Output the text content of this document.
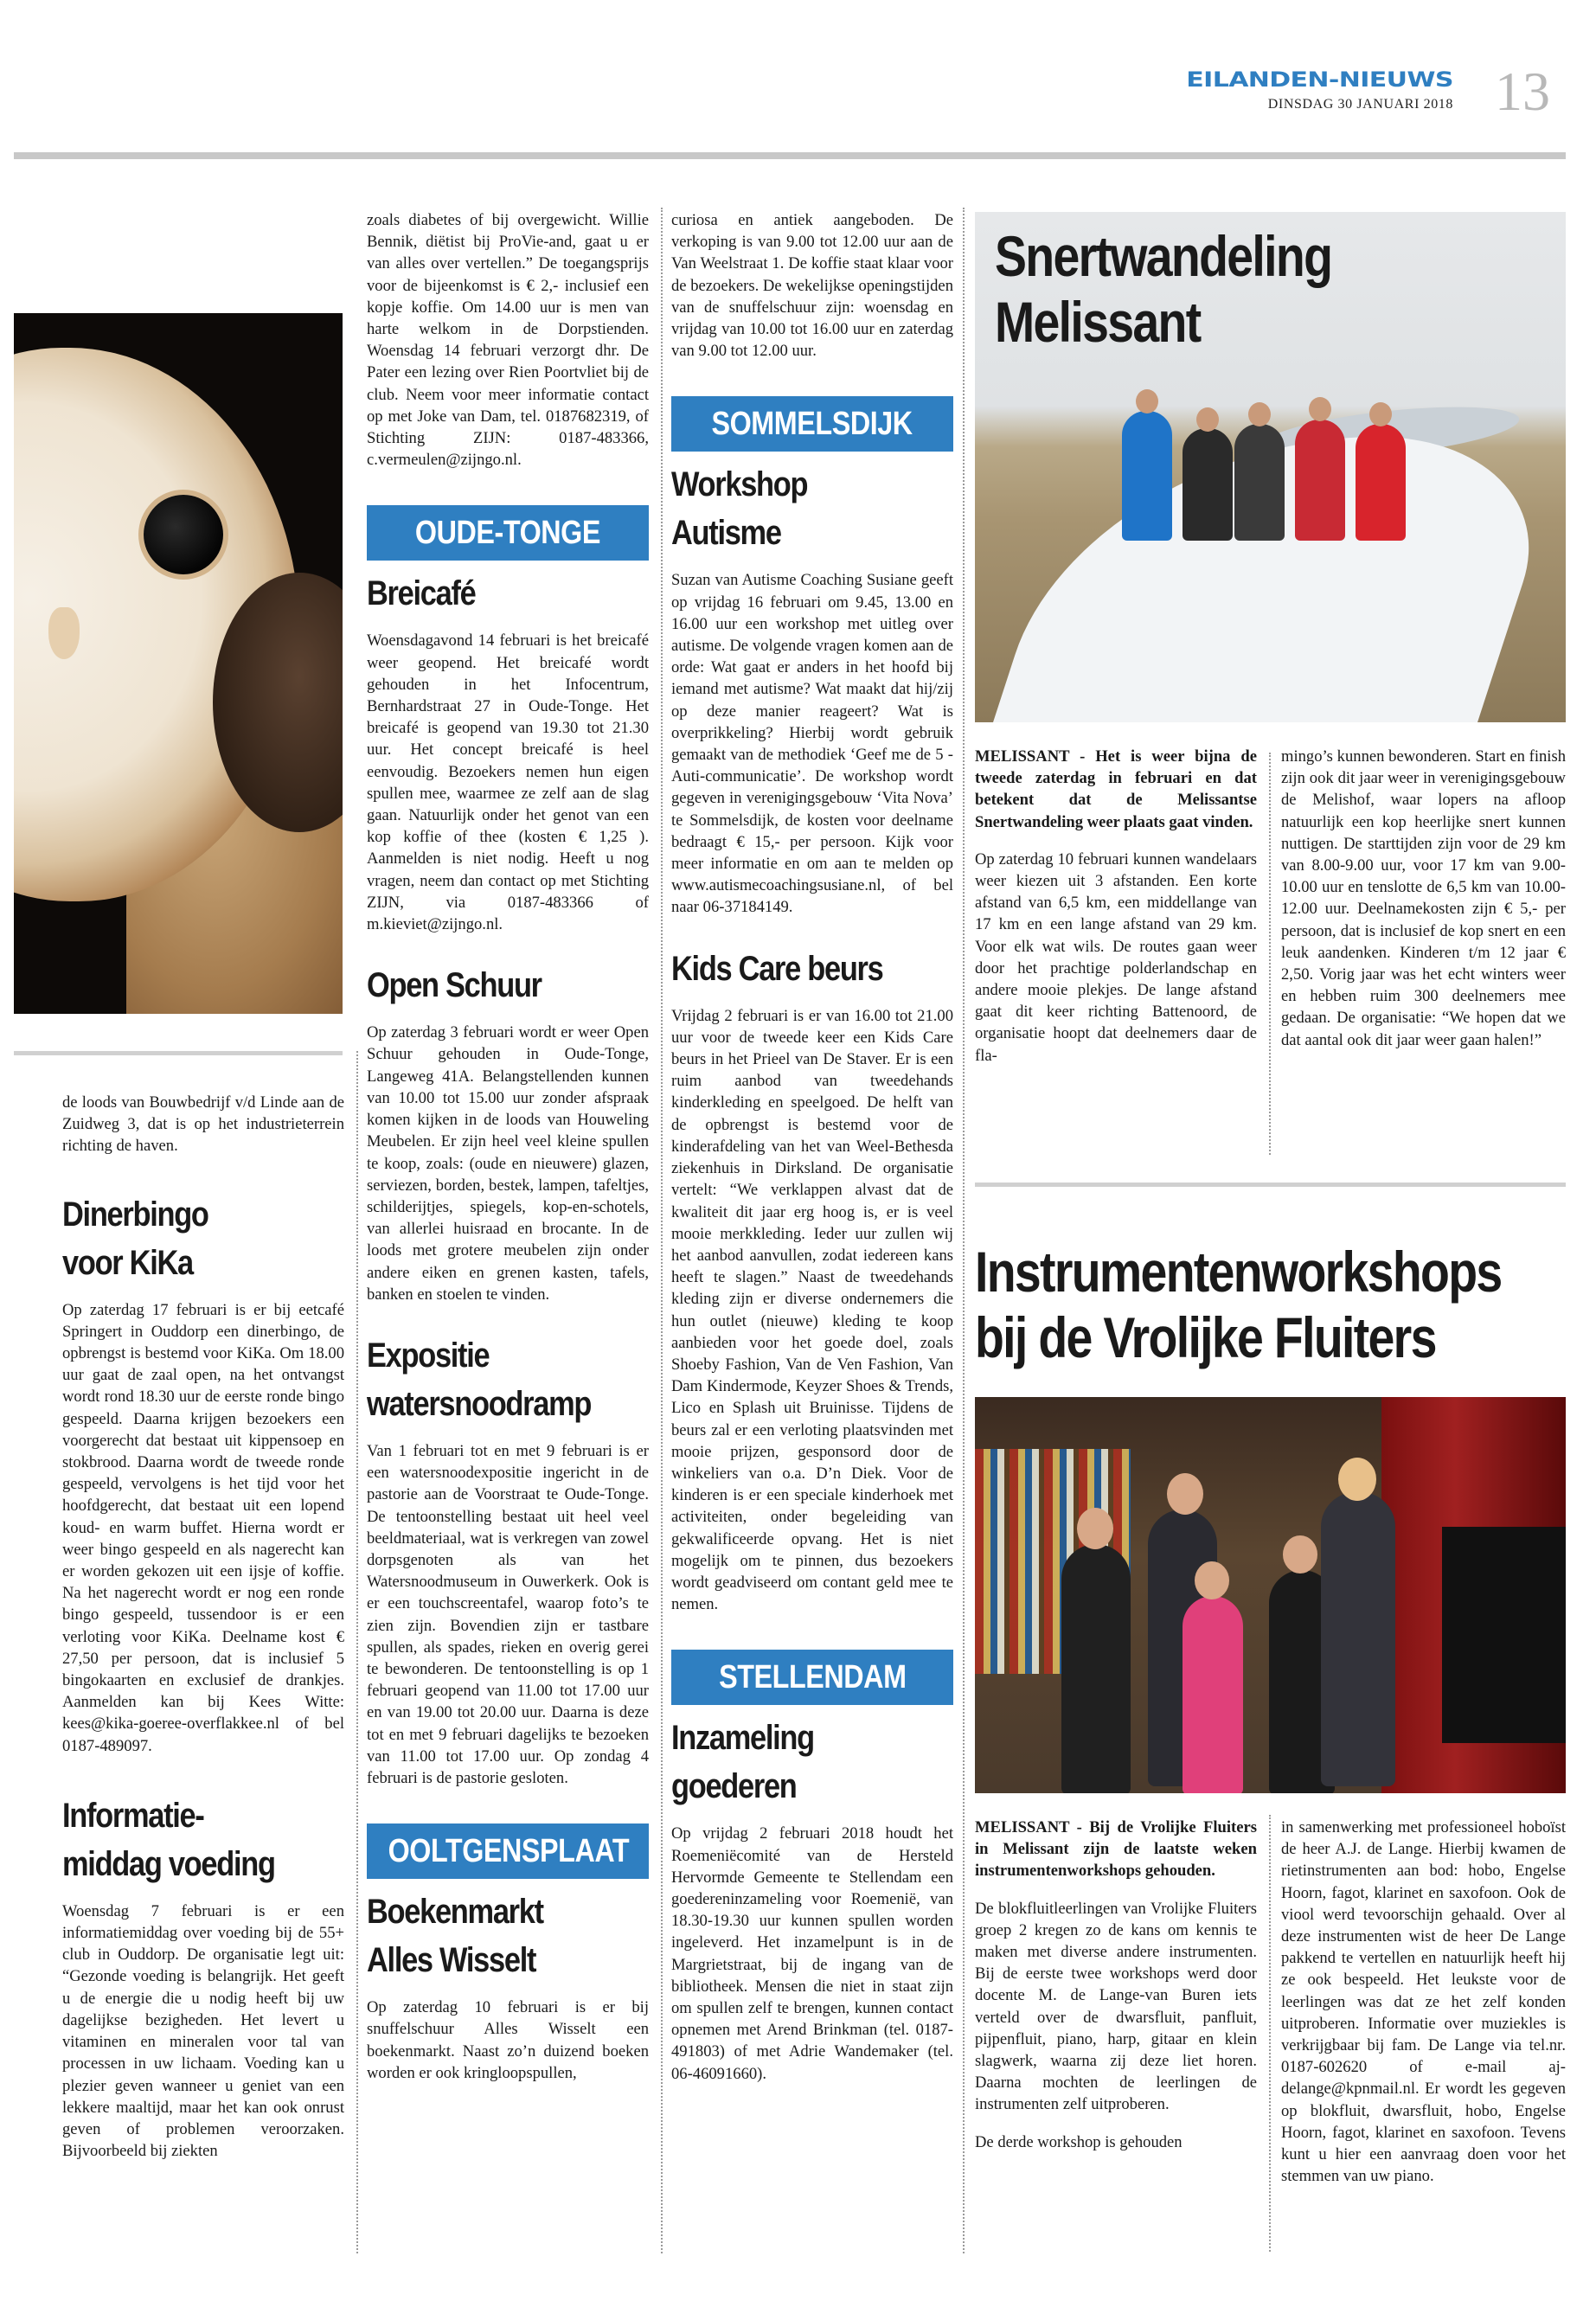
EILANDEN-NIEUWS
DINSDAG 30 JANUARI 2018 13
de loods van Bouwbedrijf v/d Linde aan de Zuidweg 3, dat is op het industrieterrein richting de haven.
Dinerbingo
voor KiKa
Op zaterdag 17 februari is er bij eetcafé Springert in Ouddorp een dinerbingo, de opbrengst is bestemd voor KiKa. Om 18.00 uur gaat de zaal open, na het ontvangst wordt rond 18.30 uur de eerste ronde bingo gespeeld. Daarna krijgen bezoekers een voorgerecht dat bestaat uit kippensoep en stokbrood. Daarna wordt de tweede ronde gespeeld, vervolgens is het tijd voor het hoofdgerecht, dat bestaat uit een lopend koud- en warm buffet. Hierna wordt er weer bingo gespeeld en als nagerecht kan er worden gekozen uit een ijsje of koffie. Na het nagerecht wordt er nog een ronde bingo gespeeld, tussendoor is er een verloting voor KiKa. Deelname kost € 27,50 per persoon, dat is inclusief 5 bingokaarten en exclusief de drankjes. Aanmelden kan bij Kees Witte: kees@kika-goeree-overflakkee.nl of bel 0187-489097.
Informatie-
middag voeding
Woensdag 7 februari is er een informatiemiddag over voeding bij de 55+ club in Ouddorp. De organisatie legt uit: “Gezonde voeding is belangrijk. Het geeft u de energie die u nodig heeft bij uw dagelijkse bezigheden. Het levert u vitaminen en mineralen voor tal van processen in uw lichaam. Voeding kan u plezier geven wanneer u geniet van een lekkere maaltijd, maar het kan ook onrust geven of problemen veroorzaken. Bijvoorbeeld bij ziekten
zoals diabetes of bij overgewicht. Willie Bennik, diëtist bij ProVie-and, gaat u er van alles over vertellen.” De toegangsprijs voor de bijeenkomst is € 2,- inclusief een kopje koffie. Om 14.00 uur is men van harte welkom in de Dorpstienden. Woensdag 14 februari verzorgt dhr. De Pater een lezing over Rien Poortvliet bij de club. Neem voor meer informatie contact op met Joke van Dam, tel. 0187682319, of Stichting ZIJN: 0187-483366, c.vermeulen@zijngo.nl.
OUDE-TONGE
Breicafé
Woensdagavond 14 februari is het breicafé weer geopend. Het breicafé wordt gehouden in het Infocentrum, Bernhardstraat 27 in Oude-Tonge. Het breicafé is geopend van 19.30 tot 21.30 uur. Het concept breicafé is heel eenvoudig. Bezoekers nemen hun eigen spullen mee, waarmee ze zelf aan de slag gaan. Natuurlijk onder het genot van een kop koffie of thee (kosten € 1,25 ). Aanmelden is niet nodig. Heeft u nog vragen, neem dan contact op met Stichting ZIJN, via 0187-483366 of m.kieviet@zijngo.nl.
Open Schuur
Op zaterdag 3 februari wordt er weer Open Schuur gehouden in Oude-Tonge, Langeweg 41A. Belangstellenden kunnen van 10.00 tot 15.00 uur zonder afspraak komen kijken in de loods van Houweling Meubelen. Er zijn heel veel kleine spullen te koop, zoals: (oude en nieuwere) glazen, serviezen, borden, bestek, lampen, tafeltjes, schilderijtjes, spiegels, kop-en-schotels, van allerlei huisraad en brocante. In de loods met grotere meubelen zijn onder andere eiken en grenen kasten, tafels, banken en stoelen te vinden.
Expositie
watersnoodramp
Van 1 februari tot en met 9 februari is er een watersnoodexpositie ingericht in de pastorie aan de Voorstraat te Oude-Tonge. De tentoonstelling bestaat uit heel veel beeldmateriaal, wat is verkregen van zowel dorpsgenoten als van het Watersnoodmuseum in Ouwerkerk. Ook is er een touchscreentafel, waarop foto’s te zien zijn. Bovendien zijn er tastbare spullen, als spades, rieken en overig gerei te bewonderen. De tentoonstelling is op 1 februari geopend van 11.00 tot 17.00 uur en van 19.00 tot 20.00 uur. Daarna is deze tot en met 9 februari dagelijks te bezoeken van 11.00 tot 17.00 uur. Op zondag 4 februari is de pastorie gesloten.
OOLTGENSPLAAT
Boekenmarkt
Alles Wisselt
Op zaterdag 10 februari is er bij snuffelschuur Alles Wisselt een boekenmarkt. Naast zo’n duizend boeken worden er ook kringloopspullen,
curiosa en antiek aangeboden. De verkoping is van 9.00 tot 12.00 uur aan de Van Weelstraat 1. De koffie staat klaar voor de bezoekers. De wekelijkse openingstijden van de snuffelschuur zijn: woensdag en vrijdag van 10.00 tot 16.00 uur en zaterdag van 9.00 tot 12.00 uur.
SOMMELSDIJK
Workshop
Autisme
Suzan van Autisme Coaching Susiane geeft op vrijdag 16 februari om 9.45, 13.00 en 16.00 uur een workshop met uitleg over autisme. De volgende vragen komen aan de orde: Wat gaat er anders in het hoofd bij iemand met autisme? Wat maakt dat hij/zij op deze manier reageert? Wat is overprikkeling? Hierbij wordt gebruik gemaakt van de methodiek ‘Geef me de 5 - Auti-communicatie’. De workshop wordt gegeven in verenigingsgebouw ‘Vita Nova’ te Sommelsdijk, de kosten voor deelname bedraagt € 15,- per persoon. Kijk voor meer informatie en om aan te melden op www.autismecoachingsusiane.nl, of bel naar 06-37184149.
Kids Care beurs
Vrijdag 2 februari is er van 16.00 tot 21.00 uur voor de tweede keer een Kids Care beurs in het Prieel van De Staver. Er is een ruim aanbod van tweedehands kinderkleding en speelgoed. De helft van de opbrengst is bestemd voor de kinderafdeling van het van Weel-Bethesda ziekenhuis in Dirksland. De organisatie vertelt: “We verklappen alvast dat de kwaliteit dit jaar erg hoog is, er is veel mooie merkkleding. Ieder uur zullen wij het aanbod aanvullen, zodat iedereen kans heeft te slagen.” Naast de tweedehands kleding zijn er diverse ondernemers die hun outlet (nieuwe) kleding te koop aanbieden voor het goede doel, zoals Shoeby Fashion, Van de Ven Fashion, Van Dam Kindermode, Keyzer Shoes & Trends, Lico en Splash uit Bruinisse. Tijdens de beurs zal er een verloting plaatsvinden met mooie prijzen, gesponsord door de winkeliers van o.a. D’n Diek. Voor de kinderen is er een speciale kinderhoek met activiteiten, onder begeleiding van gekwalificeerde opvang. Het is niet mogelijk om te pinnen, dus bezoekers wordt geadviseerd om contant geld mee te nemen.
STELLENDAM
Inzameling
goederen
Op vrijdag 2 februari 2018 houdt het Roemeniëcomité van de Hersteld Hervormde Gemeente te Stellendam een goedereninzameling voor Roemenië, van 18.30-19.30 uur kunnen spullen worden ingeleverd. Het inzamelpunt is in de Margrietstraat, bij de ingang van de bibliotheek. Mensen die niet in staat zijn om spullen zelf te brengen, kunnen contact opnemen met Arend Brinkman (tel. 0187-491803) of met Adrie Wandemaker (tel. 06-46091660).
Snertwandeling
Melissant
MELISSANT - Het is weer bijna de tweede zaterdag in februari en dat betekent dat de Melissantse Snertwandeling weer plaats gaat vinden.
Op zaterdag 10 februari kunnen wandelaars weer kiezen uit 3 afstanden. Een korte afstand van 6,5 km, een middellange van 17 km en een lange afstand van 29 km. Voor elk wat wils. De routes gaan weer door het prachtige polderlandschap en andere mooie plekjes. De lange afstand gaat dit keer richting Battenoord, de organisatie hoopt dat deelnemers daar de fla-
mingo’s kunnen bewonderen. Start en finish zijn ook dit jaar weer in verenigingsgebouw de Melishof, waar lopers na afloop natuurlijk een kop heerlijke snert kunnen nuttigen. De starttijden zijn voor de 29 km van 8.00-9.00 uur, voor 17 km van 9.00-10.00 uur en tenslotte de 6,5 km van 10.00-12.00 uur. Deelnamekosten zijn € 5,- per persoon, dat is inclusief de kop snert en een leuk aandenken. Kinderen t/m 12 jaar € 2,50. Vorig jaar was het echt winters weer en hebben ruim 300 deelnemers mee gedaan. De organisatie: “We hopen dat we dat aantal ook dit jaar weer gaan halen!”
Instrumentenworkshops
bij de Vrolijke Fluiters
MELISSANT - Bij de Vrolijke Fluiters in Melissant zijn de laatste weken instrumentenworkshops gehouden.
De blokfluitleerlingen van Vrolijke Fluiters groep 2 kregen zo de kans om kennis te maken met diverse andere instrumenten. Bij de eerste twee workshops werd door docente M. de Lange-van Buren iets verteld over de dwarsfluit, panfluit, pijpenfluit, piano, harp, gitaar en klein slagwerk, waarna zij deze liet horen. Daarna mochten de leerlingen de instrumenten zelf uitproberen.
De derde workshop is gehouden
in samenwerking met professioneel hoboïst de heer A.J. de Lange. Hierbij kwamen de rietinstrumenten aan bod: hobo, Engelse Hoorn, fagot, klarinet en saxofoon. Ook de viool werd tevoorschijn gehaald. Over al deze instrumenten wist de heer De Lange pakkend te vertellen en natuurlijk heeft hij ze ook bespeeld. Het leukste voor de leerlingen was dat ze het zelf konden uitproberen. Informatie over muziekles is verkrijgbaar bij fam. De Lange via tel.nr. 0187-602620 of e-mail aj-delange@kpnmail.nl. Er wordt les gegeven op blokfluit, dwarsfluit, hobo, Engelse Hoorn, fagot, klarinet en saxofoon. Tevens kunt u hier een aanvraag doen voor het stemmen van uw piano.
